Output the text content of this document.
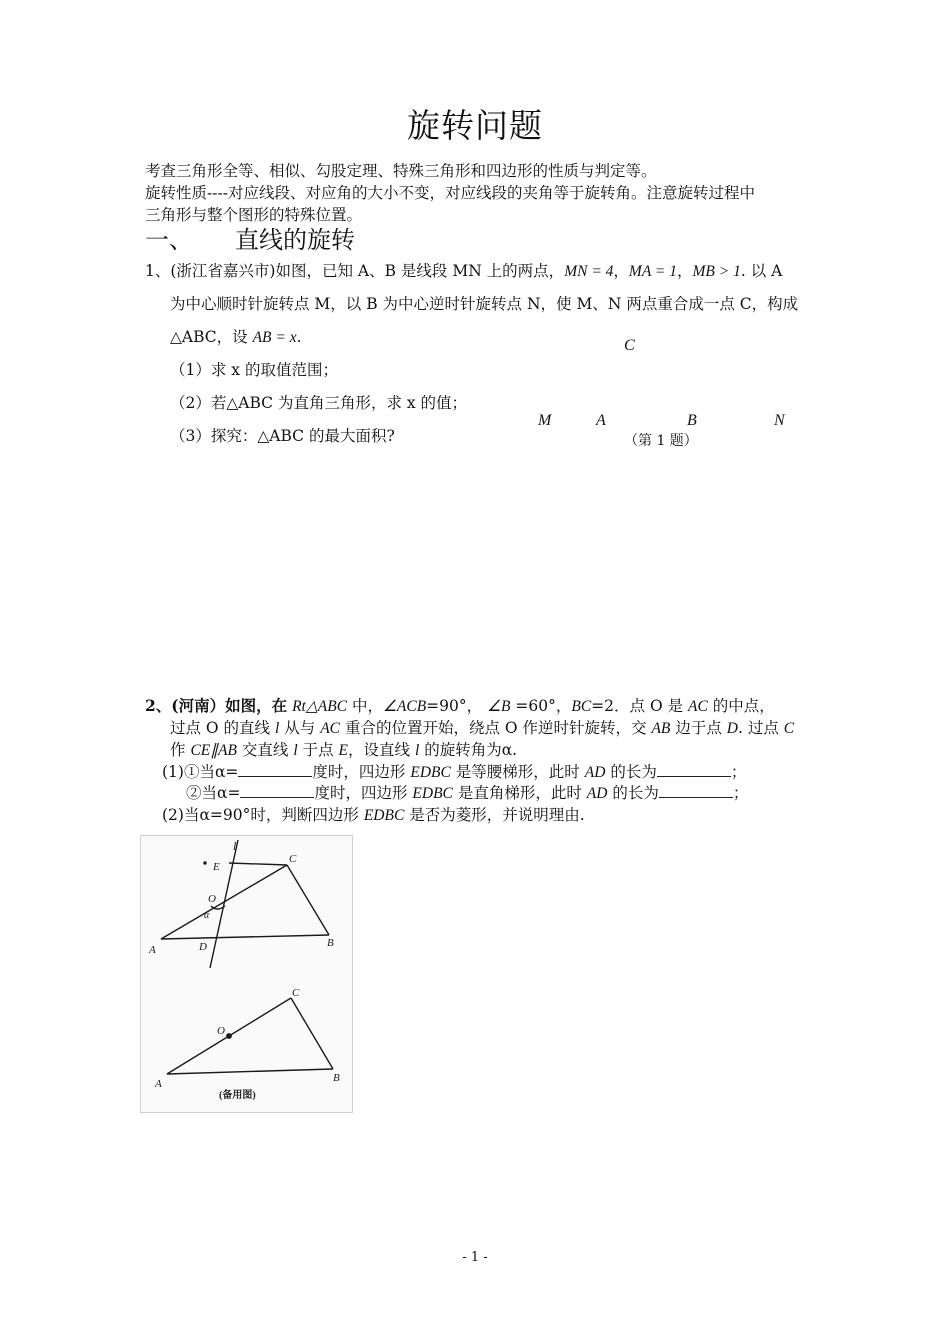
旋转问题
考查三角形全等、相似、勾股定理、特殊三角形和四边形的性质与判定等。
旋转性质----对应线段、对应角的大小不变，对应线段的夹角等于旋转角。注意旋转过程中
三角形与整个图形的特殊位置。
一、 直线的旋转
1、(浙江省嘉兴市)如图，已知 A、B 是线段 MN 上的两点，MN = 4，MA = 1，MB > 1. 以 A
为中心顺时针旋转点 M，以 B 为中心逆时针旋转点 N，使 M、N 两点重合成一点 C，构成
△ABC，设 AB = x.
（1）求 x 的取值范围；
（2）若△ABC 为直角三角形，求 x 的值；
（3）探究：△ABC 的最大面积?
C
M	A	B	N
（第 1 题）
2、(河南）如图，在 Rt△ABC 中，∠ACB=90°， ∠B =60°，BC=2．点 O 是 AC 的中点，
过点 O 的直线 l 从与 AC 重合的位置开始，绕点 O 作逆时针旋转，交 AB 边于点 D. 过点 C
作 CE∥AB 交直线 l 于点 E，设直线 l 的旋转角为α.
(1)①当α=	度时，四边形 EDBC 是等腰梯形，此时 AD 的长为	；
②当α=	度时，四边形 EDBC 是直角梯形，此时 AD 的长为	；
(2)当α=90°时，判断四边形 EDBC 是否为菱形，并说明理由.
l
E
C
O
α
A	D	B
C
O
A	B
(备用图)
- 1 -
